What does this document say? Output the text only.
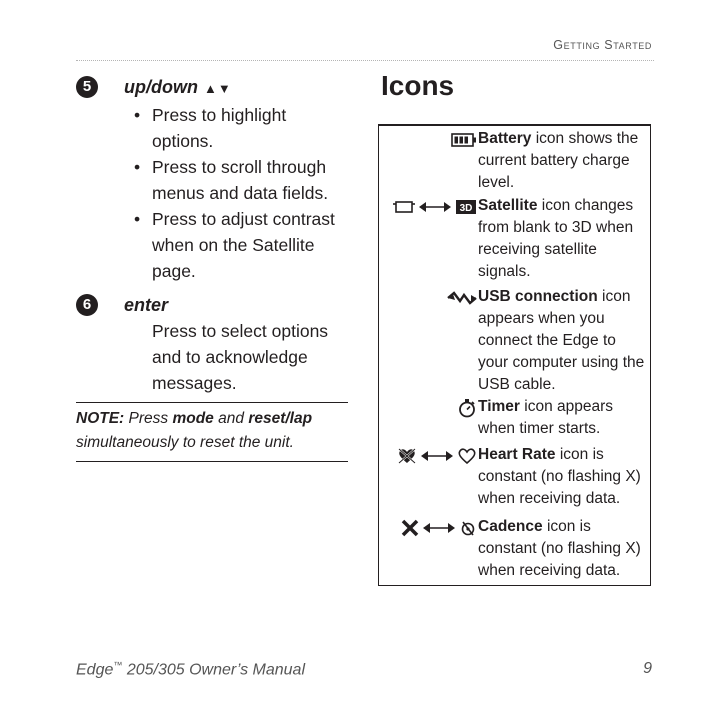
Getting Started
5	up/down ▲▼
• Press to highlight options.
• Press to scroll through menus and data fields.
• Press to adjust contrast when on the Satellite page.
6	enter
Press to select options and to acknowledge messages.
NOTE: Press mode and reset/lap simultaneously to reset the unit.
Icons
Battery icon shows the current battery charge level.
3D Satellite icon changes from blank to 3D when receiving satellite signals.
USB connection icon appears when you connect the Edge to your computer using the USB cable.
Timer icon appears when timer starts.
Heart Rate icon is constant (no flashing X) when receiving data.
Cadence icon is constant (no flashing X) when receiving data.
Edge™ 205/305 Owner’s Manual	9
